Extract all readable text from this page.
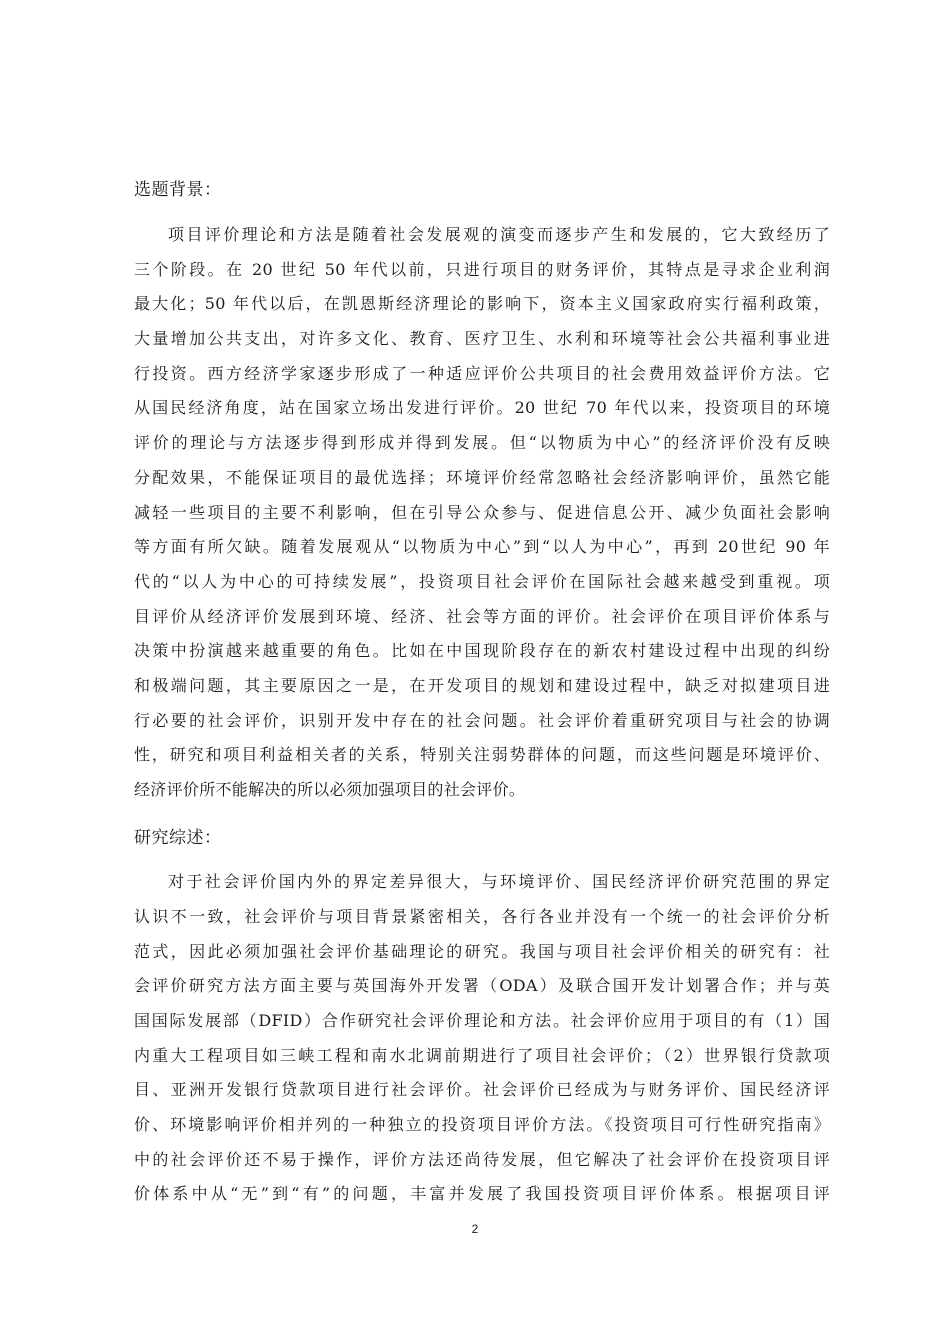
选题背景：
项目评价理论和方法是随着社会发展观的演变而逐步产生和发展的，它大致经历了
三个阶段。在 20 世纪 50 年代以前，只进行项目的财务评价，其特点是寻求企业利润
最大化；50 年代以后，在凯恩斯经济理论的影响下，资本主义国家政府实行福利政策，
大量增加公共支出，对许多文化、教育、医疗卫生、水利和环境等社会公共福利事业进
行投资。西方经济学家逐步形成了一种适应评价公共项目的社会费用效益评价方法。它
从国民经济角度，站在国家立场出发进行评价。20 世纪 70 年代以来，投资项目的环境
评价的理论与方法逐步得到形成并得到发展。但“以物质为中心”的经济评价没有反映
分配效果，不能保证项目的最优选择；环境评价经常忽略社会经济影响评价，虽然它能
减轻一些项目的主要不利影响，但在引导公众参与、促进信息公开、减少负面社会影响
等方面有所欠缺。随着发展观从“以物质为中心”到“以人为中心”，再到 20世纪 90 年
代的“以人为中心的可持续发展”，投资项目社会评价在国际社会越来越受到重视。项
目评价从经济评价发展到环境、经济、社会等方面的评价。社会评价在项目评价体系与
决策中扮演越来越重要的角色。比如在中国现阶段存在的新农村建设过程中出现的纠纷
和极端问题，其主要原因之一是，在开发项目的规划和建设过程中，缺乏对拟建项目进
行必要的社会评价，识别开发中存在的社会问题。社会评价着重研究项目与社会的协调
性，研究和项目利益相关者的关系，特别关注弱势群体的问题，而这些问题是环境评价、
经济评价所不能解决的所以必须加强项目的社会评价。
研究综述：
对于社会评价国内外的界定差异很大，与环境评价、国民经济评价研究范围的界定
认识不一致，社会评价与项目背景紧密相关，各行各业并没有一个统一的社会评价分析
范式，因此必须加强社会评价基础理论的研究。我国与项目社会评价相关的研究有：社
会评价研究方法方面主要与英国海外开发署（ODA）及联合国开发计划署合作；并与英
国国际发展部（DFID）合作研究社会评价理论和方法。社会评价应用于项目的有（1）国
内重大工程项目如三峡工程和南水北调前期进行了项目社会评价；（2）世界银行贷款项
目、亚洲开发银行贷款项目进行社会评价。社会评价已经成为与财务评价、国民经济评
价、环境影响评价相并列的一种独立的投资项目评价方法。《投资项目可行性研究指南》
中的社会评价还不易于操作，评价方法还尚待发展，但它解决了社会评价在投资项目评
价体系中从“无”到“有”的问题，丰富并发展了我国投资项目评价体系。根据项目评
2
